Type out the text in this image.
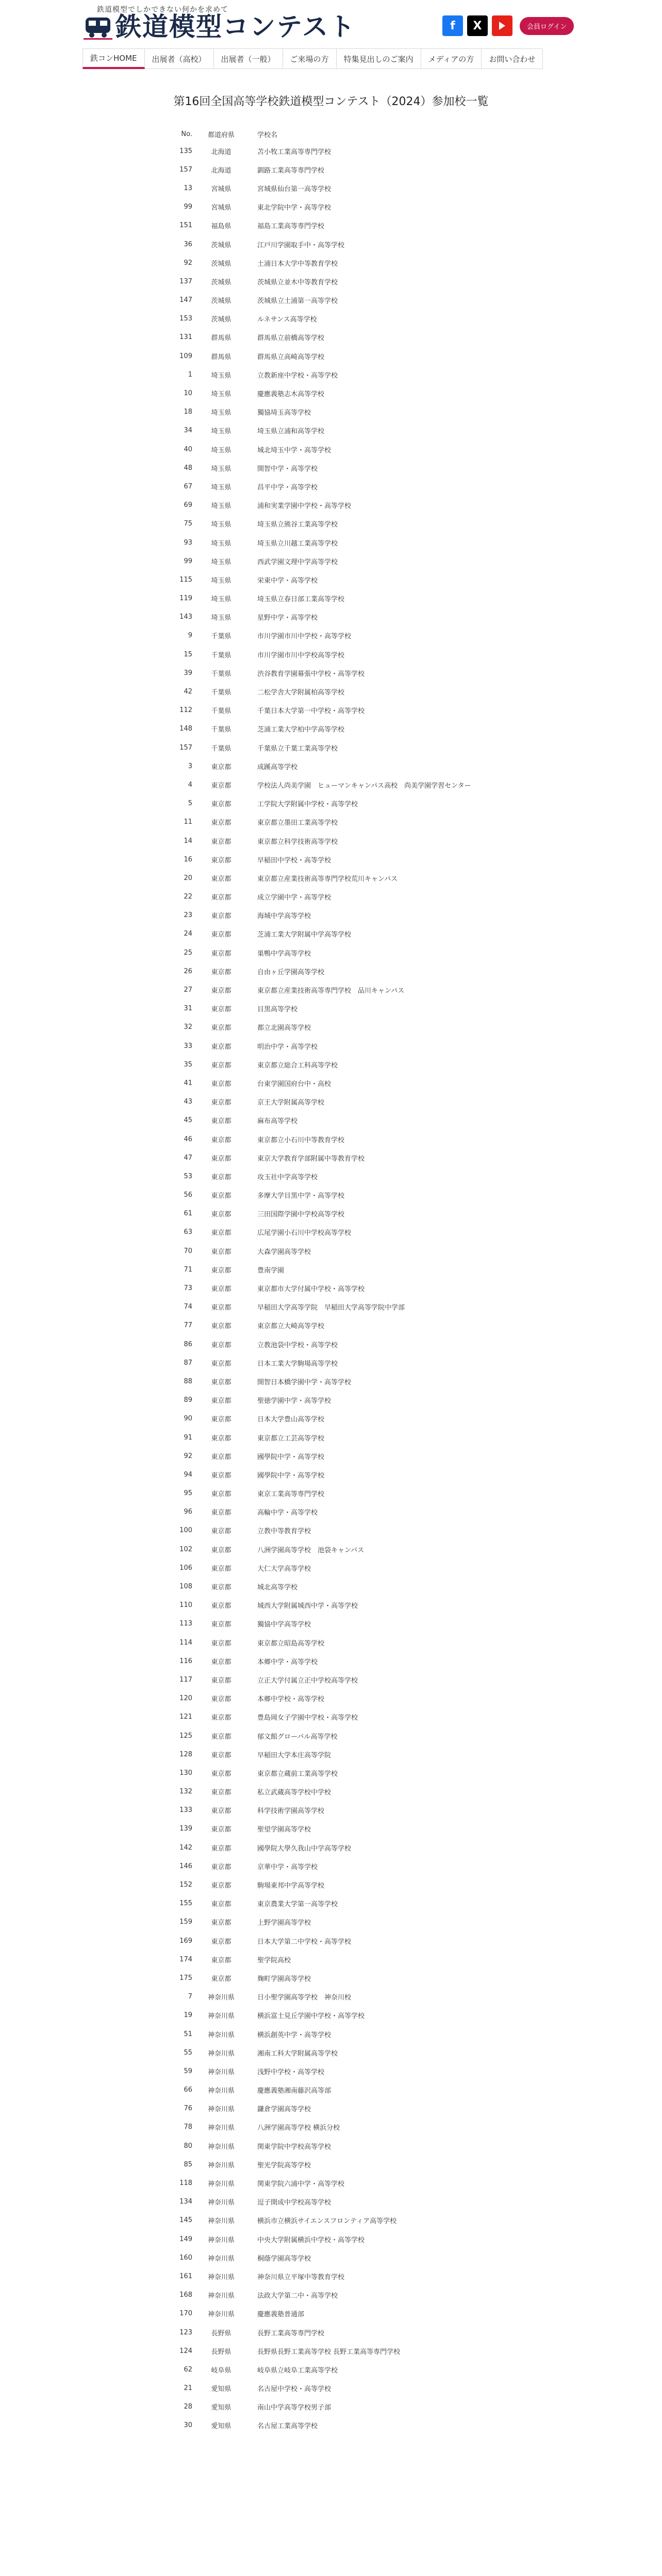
鉄道模型でしかできない何かを求めて
鉄道模型コンテスト	f	X	会員ログイン
鉄コンHOME	出展者（高校）	出展者（一般）	ご来場の方	特集見出しのご案内	メディアの方	お問い合わせ
第16回全国高等学校鉄道模型コンテスト（2024）参加校一覧
No.	都道府県	学校名
135	北海道	苫小牧工業高等専門学校
157	北海道	釧路工業高等専門学校
13	宮城県	宮城県仙台第一高等学校
99	宮城県	東北学院中学・高等学校
151	福島県	福島工業高等専門学校
36	茨城県	江戸川学園取手中・高等学校
92	茨城県	土浦日本大学中等教育学校
137	茨城県	茨城県立並木中等教育学校
147	茨城県	茨城県立土浦第一高等学校
153	茨城県	ルネサンス高等学校
131	群馬県	群馬県立前橋高等学校
109	群馬県	群馬県立高崎高等学校
1	埼玉県	立教新座中学校・高等学校
10	埼玉県	慶應義塾志木高等学校
18	埼玉県	獨協埼玉高等学校
34	埼玉県	埼玉県立浦和高等学校
40	埼玉県	城北埼玉中学・高等学校
48	埼玉県	開智中学・高等学校
67	埼玉県	昌平中学・高等学校
69	埼玉県	浦和実業学園中学校・高等学校
75	埼玉県	埼玉県立熊谷工業高等学校
93	埼玉県	埼玉県立川越工業高等学校
99	埼玉県	西武学園文理中学高等学校
115	埼玉県	栄東中学・高等学校
119	埼玉県	埼玉県立春日部工業高等学校
143	埼玉県	星野中学・高等学校
9	千葉県	市川学園市川中学校・高等学校
15	千葉県	市川学園市川中学校高等学校
39	千葉県	渋谷教育学園幕張中学校・高等学校
42	千葉県	二松学舎大学附属柏高等学校
112	千葉県	千葉日本大学第一中学校・高等学校
148	千葉県	芝浦工業大学柏中学高等学校
157	千葉県	千葉県立千葉工業高等学校
3	東京都	成蹊高等学校
4	東京都	学校法人尚美学園　ヒューマンキャンパス高校　尚美学園学習センター
5	東京都	工学院大学附属中学校・高等学校
11	東京都	東京都立墨田工業高等学校
14	東京都	東京都立科学技術高等学校
16	東京都	早稲田中学校・高等学校
20	東京都	東京都立産業技術高等専門学校荒川キャンパス
22	東京都	成立学園中学・高等学校
23	東京都	海城中学高等学校
24	東京都	芝浦工業大学附属中学高等学校
25	東京都	巣鴨中学高等学校
26	東京都	自由ヶ丘学園高等学校
27	東京都	東京都立産業技術高等専門学校　品川キャンパス
31	東京都	目黒高等学校
32	東京都	都立北園高等学校
33	東京都	明治中学・高等学校
35	東京都	東京都立総合工科高等学校
41	東京都	台東学園国府台中・高校
43	東京都	京王大学附属高等学校
45	東京都	麻布高等学校
46	東京都	東京都立小石川中等教育学校
47	東京都	東京大学教育学部附属中等教育学校
53	東京都	攻玉社中学高等学校
56	東京都	多摩大学目黒中学・高等学校
61	東京都	三田国際学園中学校高等学校
63	東京都	広尾学園小石川中学校高等学校
70	東京都	大森学園高等学校
71	東京都	豊南学園
73	東京都	東京都市大学付属中学校・高等学校
74	東京都	早稲田大学高等学院　早稲田大学高等学院中学部
77	東京都	東京都立大崎高等学校
86	東京都	立教池袋中学校・高等学校
87	東京都	日本工業大学駒場高等学校
88	東京都	開智日本橋学園中学・高等学校
89	東京都	聖徳学園中学・高等学校
90	東京都	日本大学豊山高等学校
91	東京都	東京都立工芸高等学校
92	東京都	國學院中学・高等学校
94	東京都	國學院中学・高等学校
95	東京都	東京工業高等専門学校
96	東京都	高輪中学・高等学校
100	東京都	立教中等教育学校
102	東京都	八洲学園高等学校　池袋キャンパス
106	東京都	大仁大学高等学校
108	東京都	城北高等学校
110	東京都	城西大学附属城西中学・高等学校
113	東京都	獨協中学高等学校
114	東京都	東京都立昭島高等学校
116	東京都	本郷中学・高等学校
117	東京都	立正大学付属立正中学校高等学校
120	東京都	本郷中学校・高等学校
121	東京都	豊島岡女子学園中学校・高等学校
125	東京都	郁文館グローバル高等学校
128	東京都	早稲田大学本庄高等学院
130	東京都	東京都立蔵前工業高等学校
132	東京都	私立武蔵高等学校中学校
133	東京都	科学技術学園高等学校
139	東京都	聖望学園高等学校
142	東京都	國學院大學久我山中学高等学校
146	東京都	京華中学・高等学校
152	東京都	駒場東邦中学高等学校
155	東京都	東京農業大学第一高等学校
159	東京都	上野学園高等学校
169	東京都	日本大学第二中学校・高等学校
174	東京都	聖学院高校
175	東京都	麹町学園高等学校
7	神奈川県	日小聖学園高等学校　神奈川校
19	神奈川県	横浜富士見丘学園中学校・高等学校
51	神奈川県	横浜創英中学・高等学校
55	神奈川県	湘南工科大学附属高等学校
59	神奈川県	浅野中学校・高等学校
66	神奈川県	慶應義塾湘南藤沢高等部
76	神奈川県	鎌倉学園高等学校
78	神奈川県	八洲学園高等学校 横浜分校
80	神奈川県	関東学院中学校高等学校
85	神奈川県	聖光学院高等学校
118	神奈川県	関東学院六浦中学・高等学校
134	神奈川県	逗子開成中学校高等学校
145	神奈川県	横浜市立横浜サイエンスフロンティア高等学校
149	神奈川県	中央大学附属横浜中学校・高等学校
160	神奈川県	桐蔭学園高等学校
161	神奈川県	神奈川県立平塚中等教育学校
168	神奈川県	法政大学第二中・高等学校
170	神奈川県	慶應義塾普通部
123	長野県	長野工業高等専門学校
124	長野県	長野県長野工業高等学校 長野工業高等専門学校
62	岐阜県	岐阜県立岐阜工業高等学校
21	愛知県	名古屋中学校・高等学校
28	愛知県	南山中学高等学校男子部
30	愛知県	名古屋工業高等学校
